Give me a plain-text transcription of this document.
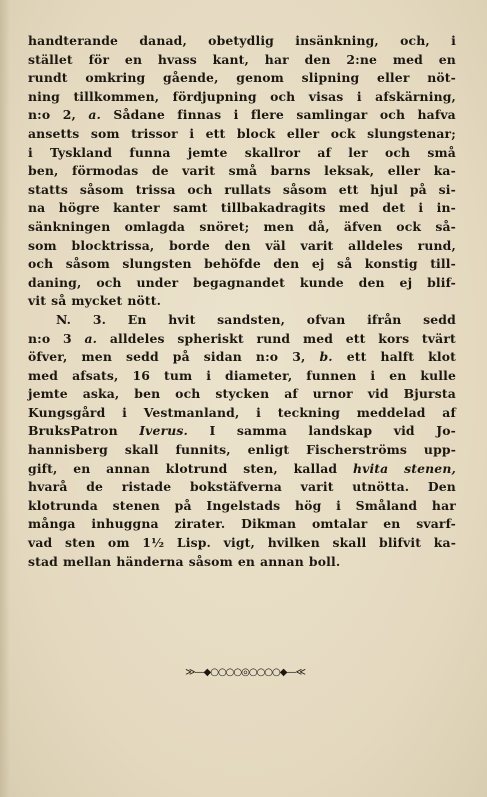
handterande danad, obetydlig insänkning, och, i
stället för en hvass kant, har den 2:ne med en
rundt omkring gående, genom slipning eller nöt-
ning tillkommen, fördjupning och visas i afskärning,
n:o 2, a. Sådane finnas i flere samlingar och hafva
ansetts som trissor i ett block eller ock slungstenar;
i Tyskland funna jemte skallror af ler och små
ben, förmodas de varit små barns leksak, eller ka-
statts såsom trissa och rullats såsom ett hjul på si-
na högre kanter samt tillbakadragits med det i in-
sänkningen omlagda snöret; men då, äfven ock så-
som blocktrissa, borde den väl varit alldeles rund,
och såsom slungsten behöfde den ej så konstig till-
daning, och under begagnandet kunde den ej blif-
vit så mycket nött.
N. 3. En hvit sandsten, ofvan ifrån sedd
n:o 3 a. alldeles spheriskt rund med ett kors tvärt
öfver, men sedd på sidan n:o 3, b. ett halft klot
med afsats, 16 tum i diameter, funnen i en kulle
jemte aska, ben och stycken af urnor vid Bjursta
Kungsgård i Vestmanland, i teckning meddelad af
BruksPatron Iverus. I samma landskap vid Jo-
hannisberg skall funnits, enligt Fischerströms upp-
gift, en annan klotrund sten, kallad hvita stenen,
hvarå de ristade bokstäfverna varit utnötta. Den
klotrunda stenen på Ingelstads hög i Småland har
många inhuggna zirater. Dikman omtalar en svarf-
vad sten om 1½ Lisp. vigt, hvilken skall blifvit ka-
stad mellan händerna såsom en annan boll.
≫—◆○○○○◎○○○○◆—≪
